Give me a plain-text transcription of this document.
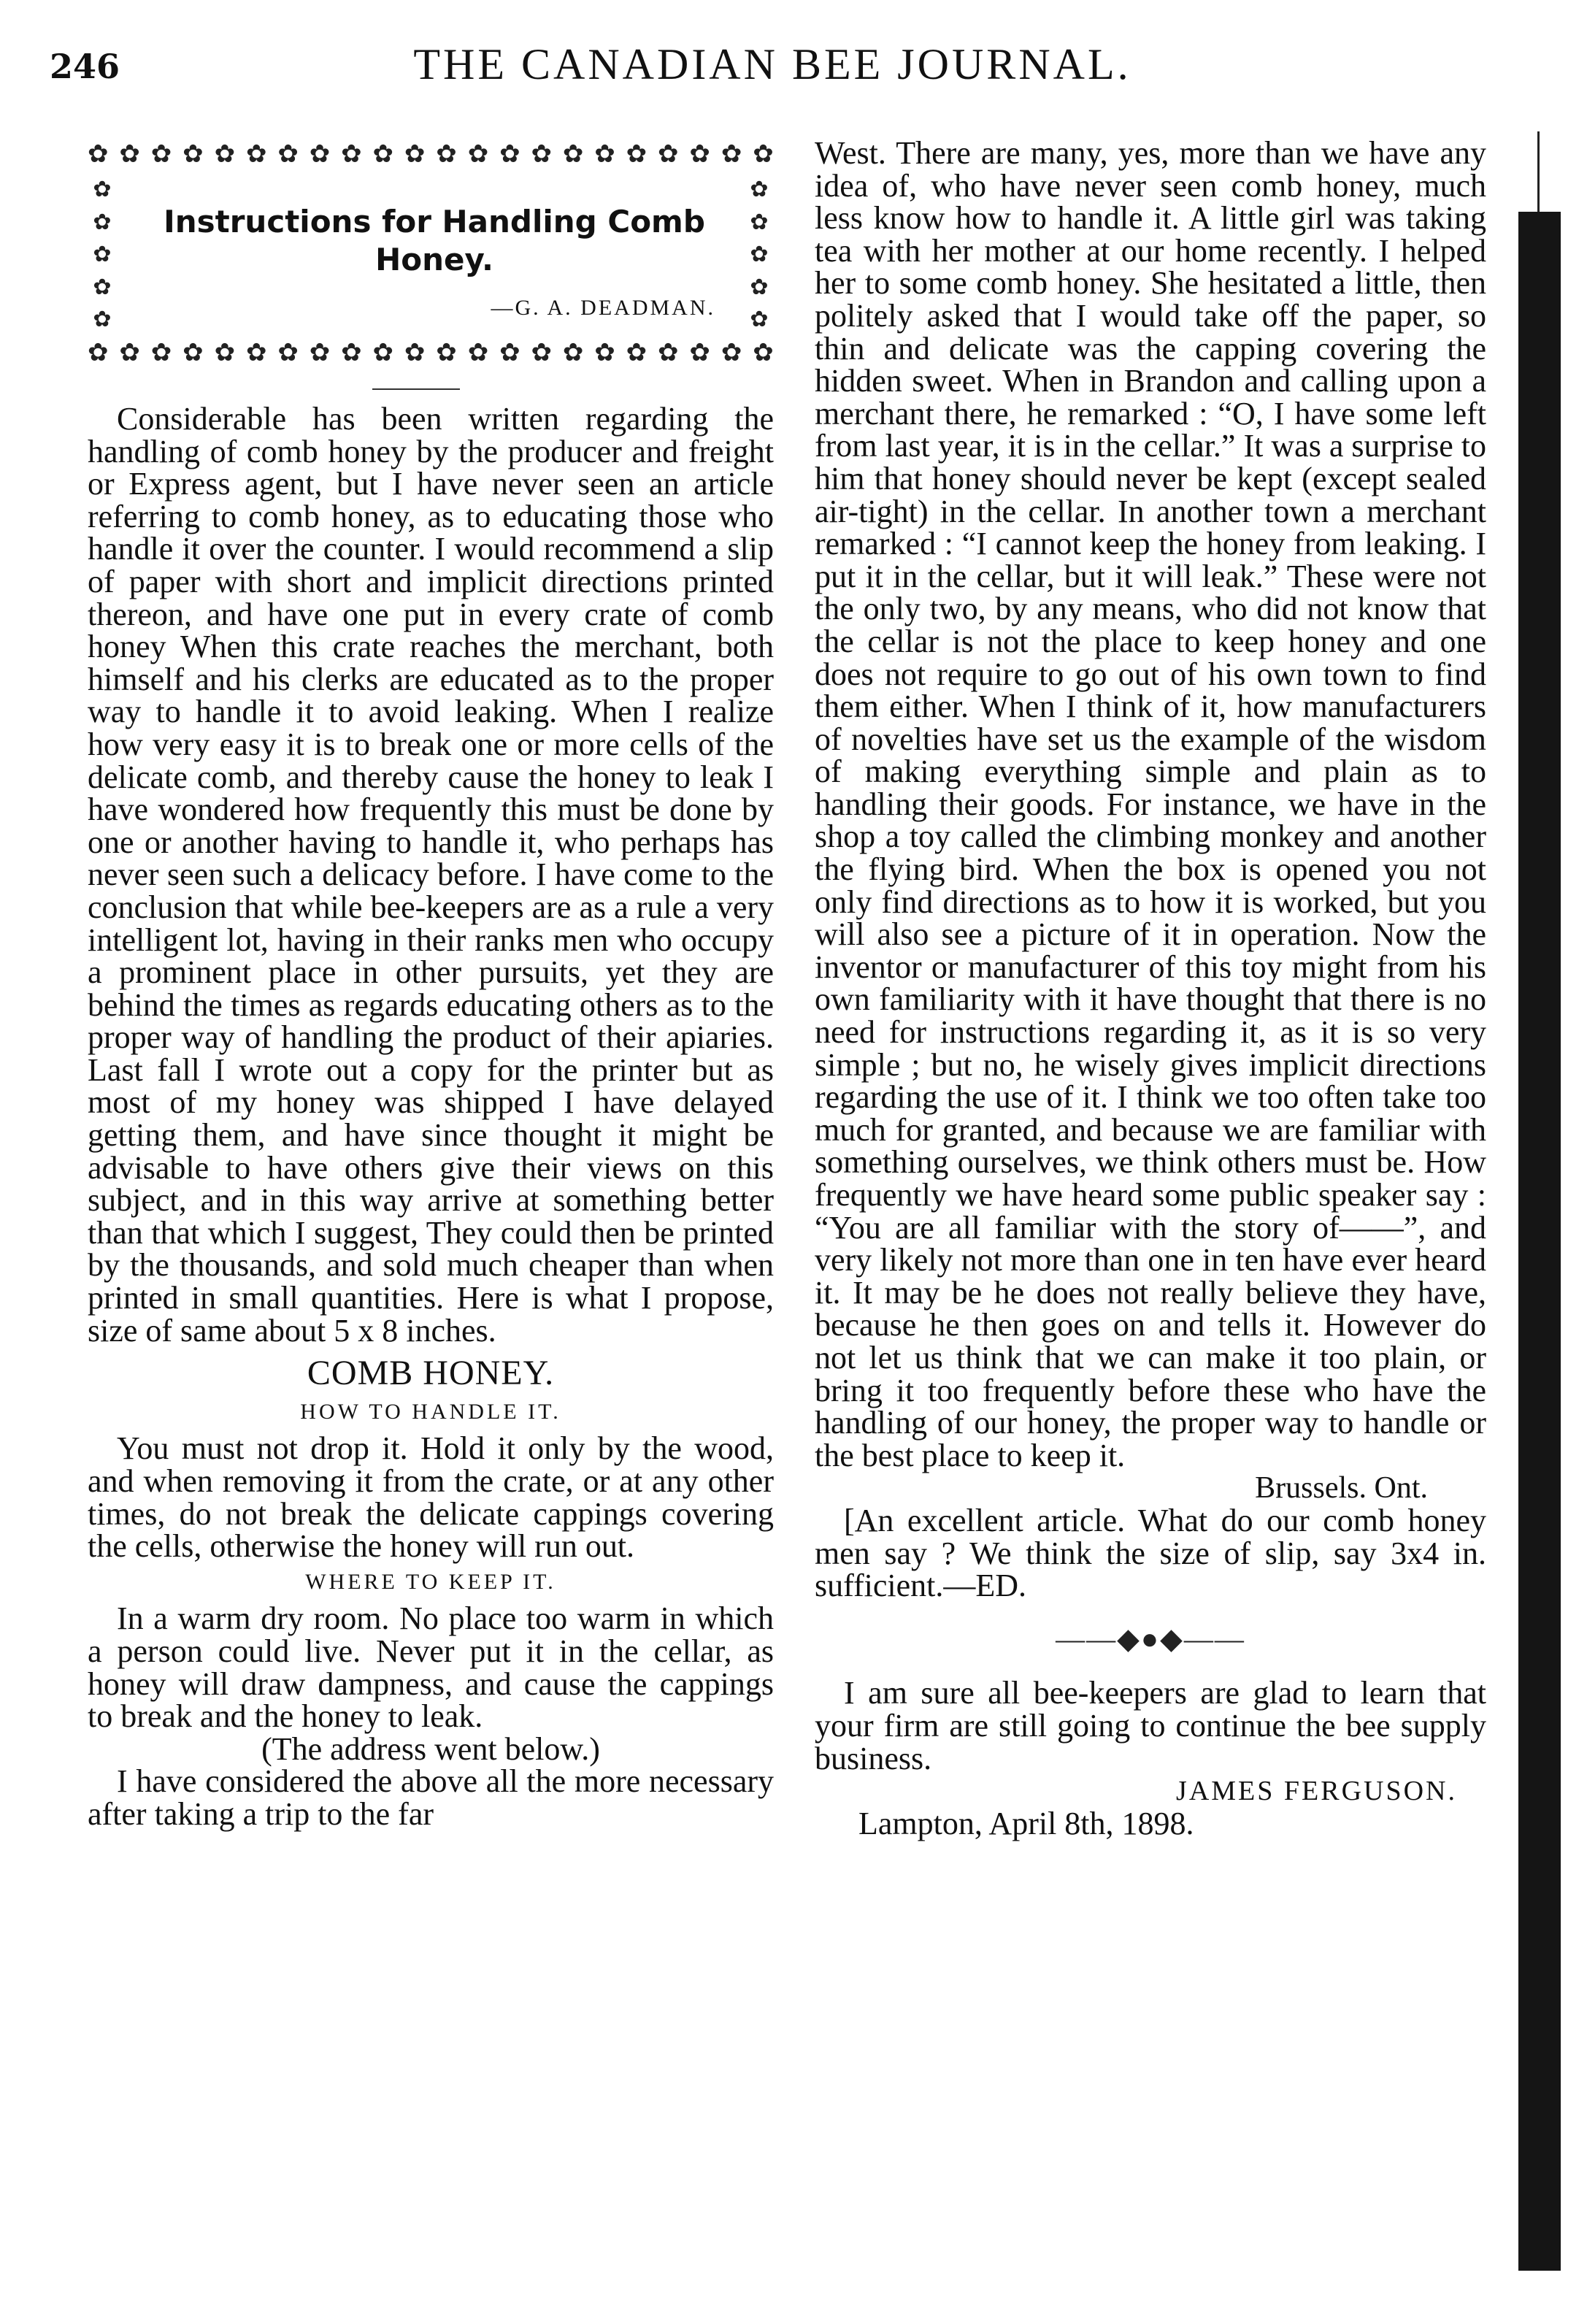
246	THE CANADIAN BEE JOURNAL.
✿ ✿ ✿ ✿ ✿ ✿ ✿ ✿ ✿ ✿ ✿ ✿ ✿ ✿ ✿ ✿ ✿ ✿ ✿ ✿ ✿ ✿
✿
✿
✿
✿
✿
✿
✿
✿
✿
✿
Instructions for Handling Comb Honey.
—G. A. DEADMAN.
✿ ✿ ✿ ✿ ✿ ✿ ✿ ✿ ✿ ✿ ✿ ✿ ✿ ✿ ✿ ✿ ✿ ✿ ✿ ✿ ✿ ✿

Considerable has been written regarding the handling of comb honey by the producer and freight or Express agent, but I have never seen an article referring to comb honey, as to educating those who handle it over the counter. I would recommend a slip of paper with short and implicit directions printed thereon, and have one put in every crate of comb honey When this crate reaches the merchant, both himself and his clerks are educated as to the proper way to handle it to avoid leaking. When I realize how very easy it is to break one or more cells of the delicate comb, and thereby cause the honey to leak I have wondered how frequently this must be done by one or another having to handle it, who perhaps has never seen such a delicacy before. I have come to the conclusion that while bee-keepers are as a rule a very intelligent lot, having in their ranks men who occupy a prominent place in other pursuits, yet they are behind the times as regards educating others as to the proper way of handling the product of their apiaries. Last fall I wrote out a copy for the printer but as most of my honey was shipped I have delayed getting them, and have since thought it might be advisable to have others give their views on this subject, and in this way arrive at something better than that which I suggest, They could then be printed by the thousands, and sold much cheaper than when printed in small quantities. Here is what I propose, size of same about 5 x 8 inches.

COMB HONEY.
HOW TO HANDLE IT.

You must not drop it. Hold it only by the wood, and when removing it from the crate, or at any other times, do not break the delicate cappings covering the cells, otherwise the honey will run out.

WHERE TO KEEP IT.

In a warm dry room. No place too warm in which a person could live. Never put it in the cellar, as honey will draw dampness, and cause the cappings to break and the honey to leak.

(The address went below.)

I have considered the above all the more necessary after taking a trip to the far

West. There are many, yes, more than we have any idea of, who have never seen comb honey, much less know how to handle it. A little girl was taking tea with her mother at our home recently. I helped her to some comb honey. She hesitated a little, then politely asked that I would take off the paper, so thin and delicate was the capping covering the hidden sweet. When in Brandon and calling upon a merchant there, he remarked : “O, I have some left from last year, it is in the cellar.” It was a surprise to him that honey should never be kept (except sealed air-tight) in the cellar. In another town a merchant remarked : “I cannot keep the honey from leaking. I put it in the cellar, but it will leak.” These were not the only two, by any means, who did not know that the cellar is not the place to keep honey and one does not require to go out of his own town to find them either. When I think of it, how manufacturers of novelties have set us the example of the wisdom of making everything simple and plain as to handling their goods. For instance, we have in the shop a toy called the climbing monkey and another the flying bird. When the box is opened you not only find directions as to how it is worked, but you will also see a picture of it in operation. Now the inventor or manufacturer of this toy might from his own familiarity with it have thought that there is no need for instructions regarding it, as it is so very simple ; but no, he wisely gives implicit directions regarding the use of it. I think we too often take too much for granted, and because we are familiar with something ourselves, we think others must be. How frequently we have heard some public speaker say : “You are all familiar with the story of——”, and very likely not more than one in ten have ever heard it. It may be he does not really believe they have, because he then goes on and tells it. However do not let us think that we can make it too plain, or bring it too frequently before these who have the handling of our honey, the proper way to handle or the best place to keep it.

Brussels. Ont.

[An excellent article. What do our comb honey men say ? We think the size of slip, say 3x4 in. sufficient.—ED.

——◆●◆——

I am sure all bee-keepers are glad to learn that your firm are still going to continue the bee supply business.

JAMES FERGUSON.

Lampton, April 8th, 1898.
